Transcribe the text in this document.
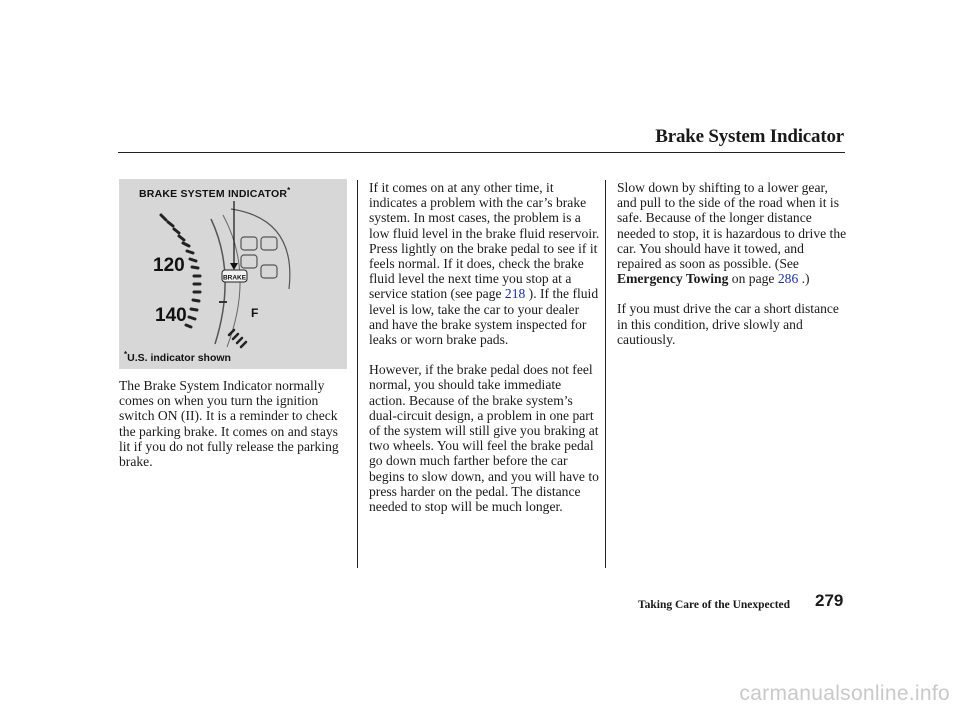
Brake System Indicator
BRAKE SYSTEM INDICATOR*
BRAKE
120
140	F
*U.S. indicator shown

The Brake System Indicator normally comes on when you turn the ignition switch ON (II). It is a reminder to check the parking brake. It comes on and stays lit if you do not fully release the parking brake.

If it comes on at any other time, it indicates a problem with the car’s brake system. In most cases, the problem is a low fluid level in the brake fluid reservoir. Press lightly on the brake pedal to see if it feels normal. If it does, check the brake fluid level the next time you stop at a service station (see page 218 ). If the fluid level is low, take the car to your dealer and have the brake system inspected for leaks or worn brake pads.

However, if the brake pedal does not feel normal, you should take immediate action. Because of the brake system’s dual-circuit design, a problem in one part of the system will still give you braking at two wheels. You will feel the brake pedal go down much farther before the car begins to slow down, and you will have to press harder on the pedal. The distance needed to stop will be much longer.

Slow down by shifting to a lower gear, and pull to the side of the road when it is safe. Because of the longer distance needed to stop, it is hazardous to drive the car. You should have it towed, and repaired as soon as possible. (See Emergency Towing on page 286 .)

If you must drive the car a short distance in this condition, drive slowly and cautiously.

Taking Care of the Unexpected 279
carmanualsonline.info
